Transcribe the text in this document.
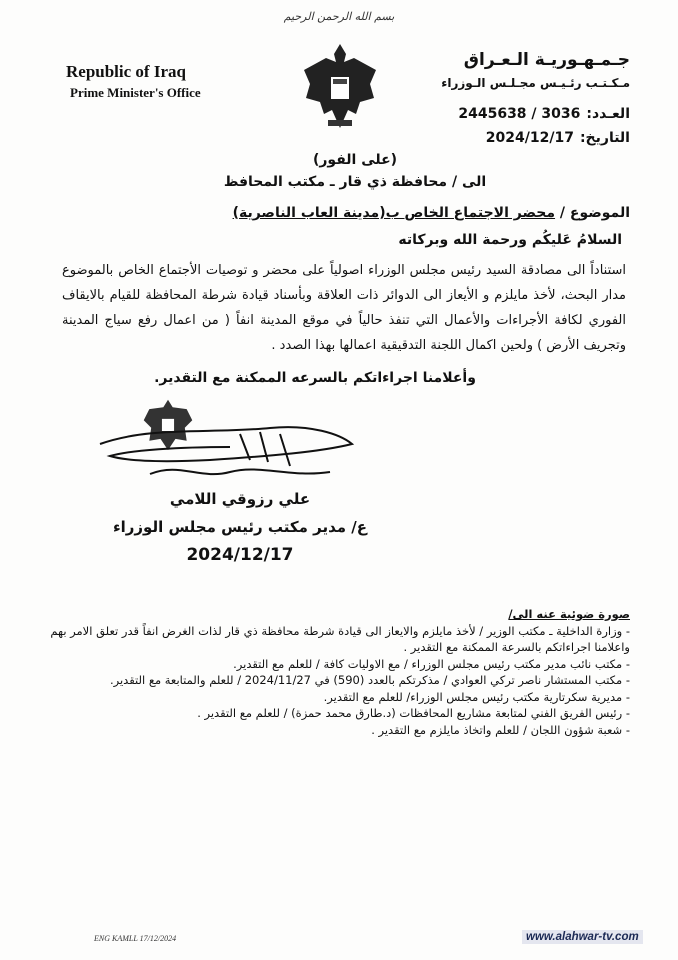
بسم الله الرحمن الرحيم
Republic of Iraq
Prime Minister's Office
جـمـهـوريـة الـعـراق
مـكـتـب رئـيـس مجـلـس الـوزراء
العـدد:
2445638 / 3036
التاريخ:
2024/12/17
(على الفور)
الى / محافظة ذي قار ـ مكتب المحافظ
الموضوع / محضر الاجتماع الخاص ب(مدينة العاب الناصرية)
السلامُ عَليكُم ورحمة الله وبركاته
استناداً الى مصادقة السيد رئيس مجلس الوزراء اصولياً على محضر و توصيات الأجتماع الخاص بالموضوع مدار البحث، لأخذ مايلزم و الأيعاز الى الدوائر ذات العلاقة وبأسناد قيادة شرطة المحافظة للقيام بالايقاف الفوري لكافة الأجراءات والأعمال التي تنفذ حالياً في موقع المدينة انفاً ( من اعمال رفع سياج المدينة وتجريف الأرض ) ولحين اكمال اللجنة التدقيقية اعمالها بهذا الصدد .
وأعلامنا اجراءاتكم بالسرعه الممكنة مع التقدير.
علي رزوقي اللامي
ع/ مدير مكتب رئيس مجلس الوزراء
2024/12/17
صورة ضوئية عنه الى/
- وزارة الداخلية ـ مكتب الوزير / لأخذ مايلزم والايعاز الى قيادة شرطة محافظة ذي قار لذات الغرض انفاً قدر تعلق الامر بهم واعلامنا اجراءاتكم بالسرعة الممكنة مع التقدير .
- مكتب نائب مدير مكتب رئيس مجلس الوزراء / مع الاوليات كافة / للعلم مع التقدير.
- مكتب المستشار ناصر تركي العوادي / مذكرتكم بالعدد (590) في 2024/11/27 / للعلم والمتابعة مع التقدير.
- مديرية سكرتارية مكتب رئيس مجلس الوزراء/ للعلم مع التقدير.
- رئيس الفريق الفني لمتابعة مشاريع المحافظات (د.طارق محمد حمزة) / للعلم مع التقدير .
- شعبة شؤون اللجان / للعلم واتخاذ مايلزم مع التقدير .
ENG KAMLL 17/12/2024	www.alahwar-tv.com
